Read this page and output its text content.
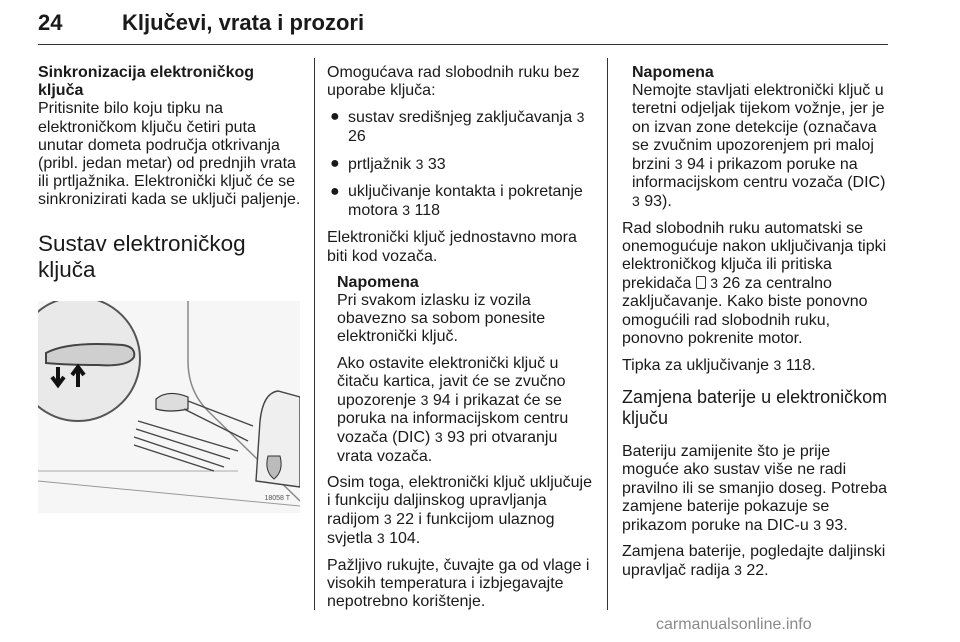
24	Ključevi, vrata i prozori

Sinkronizacija elektroničkog ključa

Pritisnite bilo koju tipku na elektroničkom ključu četiri puta unutar dometa područja otkrivanja (pribl. jedan metar) od prednjih vrata ili prtljažnika. Elektronički ključ će se sinkronizirati kada se uključi paljenje.

Sustav elektroničkog ključa
18058 T

Omogućava rad slobodnih ruku bez uporabe ključa:

● sustav središnjeg zaključavanja 3 26
● prtljažnik 3 33
● uključivanje kontakta i pokretanje motora 3 118

Elektronički ključ jednostavno mora biti kod vozača.

Napomena

Pri svakom izlasku iz vozila obavezno sa sobom ponesite elektronički ključ.

Ako ostavite elektronički ključ u čitaču kartica, javit će se zvučno upozorenje 3 94 i prikazat će se poruka na informacijskom centru vozača (DIC) 3 93 pri otvaranju vrata vozača.

Osim toga, elektronički ključ uključuje i funkciju daljinskog upravljanja radijom 3 22 i funkcijom ulaznog svjetla 3 104.

Pažljivo rukujte, čuvajte ga od vlage i visokih temperatura i izbjegavajte nepotrebno korištenje.

Napomena

Nemojte stavljati elektronički ključ u teretni odjeljak tijekom vožnje, jer je on izvan zone detekcije (označava se zvučnim upozorenjem pri maloj brzini 3 94 i prikazom poruke na informacijskom centru vozača (DIC) 3 93).

Rad slobodnih ruku automatski se onemogućuje nakon uključivanja tipki elektroničkog ključa ili pritiska prekidača 3 26 za centralno zaključavanje. Kako biste ponovno omogućili rad slobodnih ruku, ponovno pokrenite motor.

Tipka za uključivanje 3 118.

Zamjena baterije u elektroničkom ključu

Bateriju zamijenite što je prije moguće ako sustav više ne radi pravilno ili se smanjio doseg. Potreba zamjene baterije pokazuje se prikazom poruke na DIC-u 3 93.

Zamjena baterije, pogledajte daljinski upravljač radija 3 22.

carmanualsonline.info
